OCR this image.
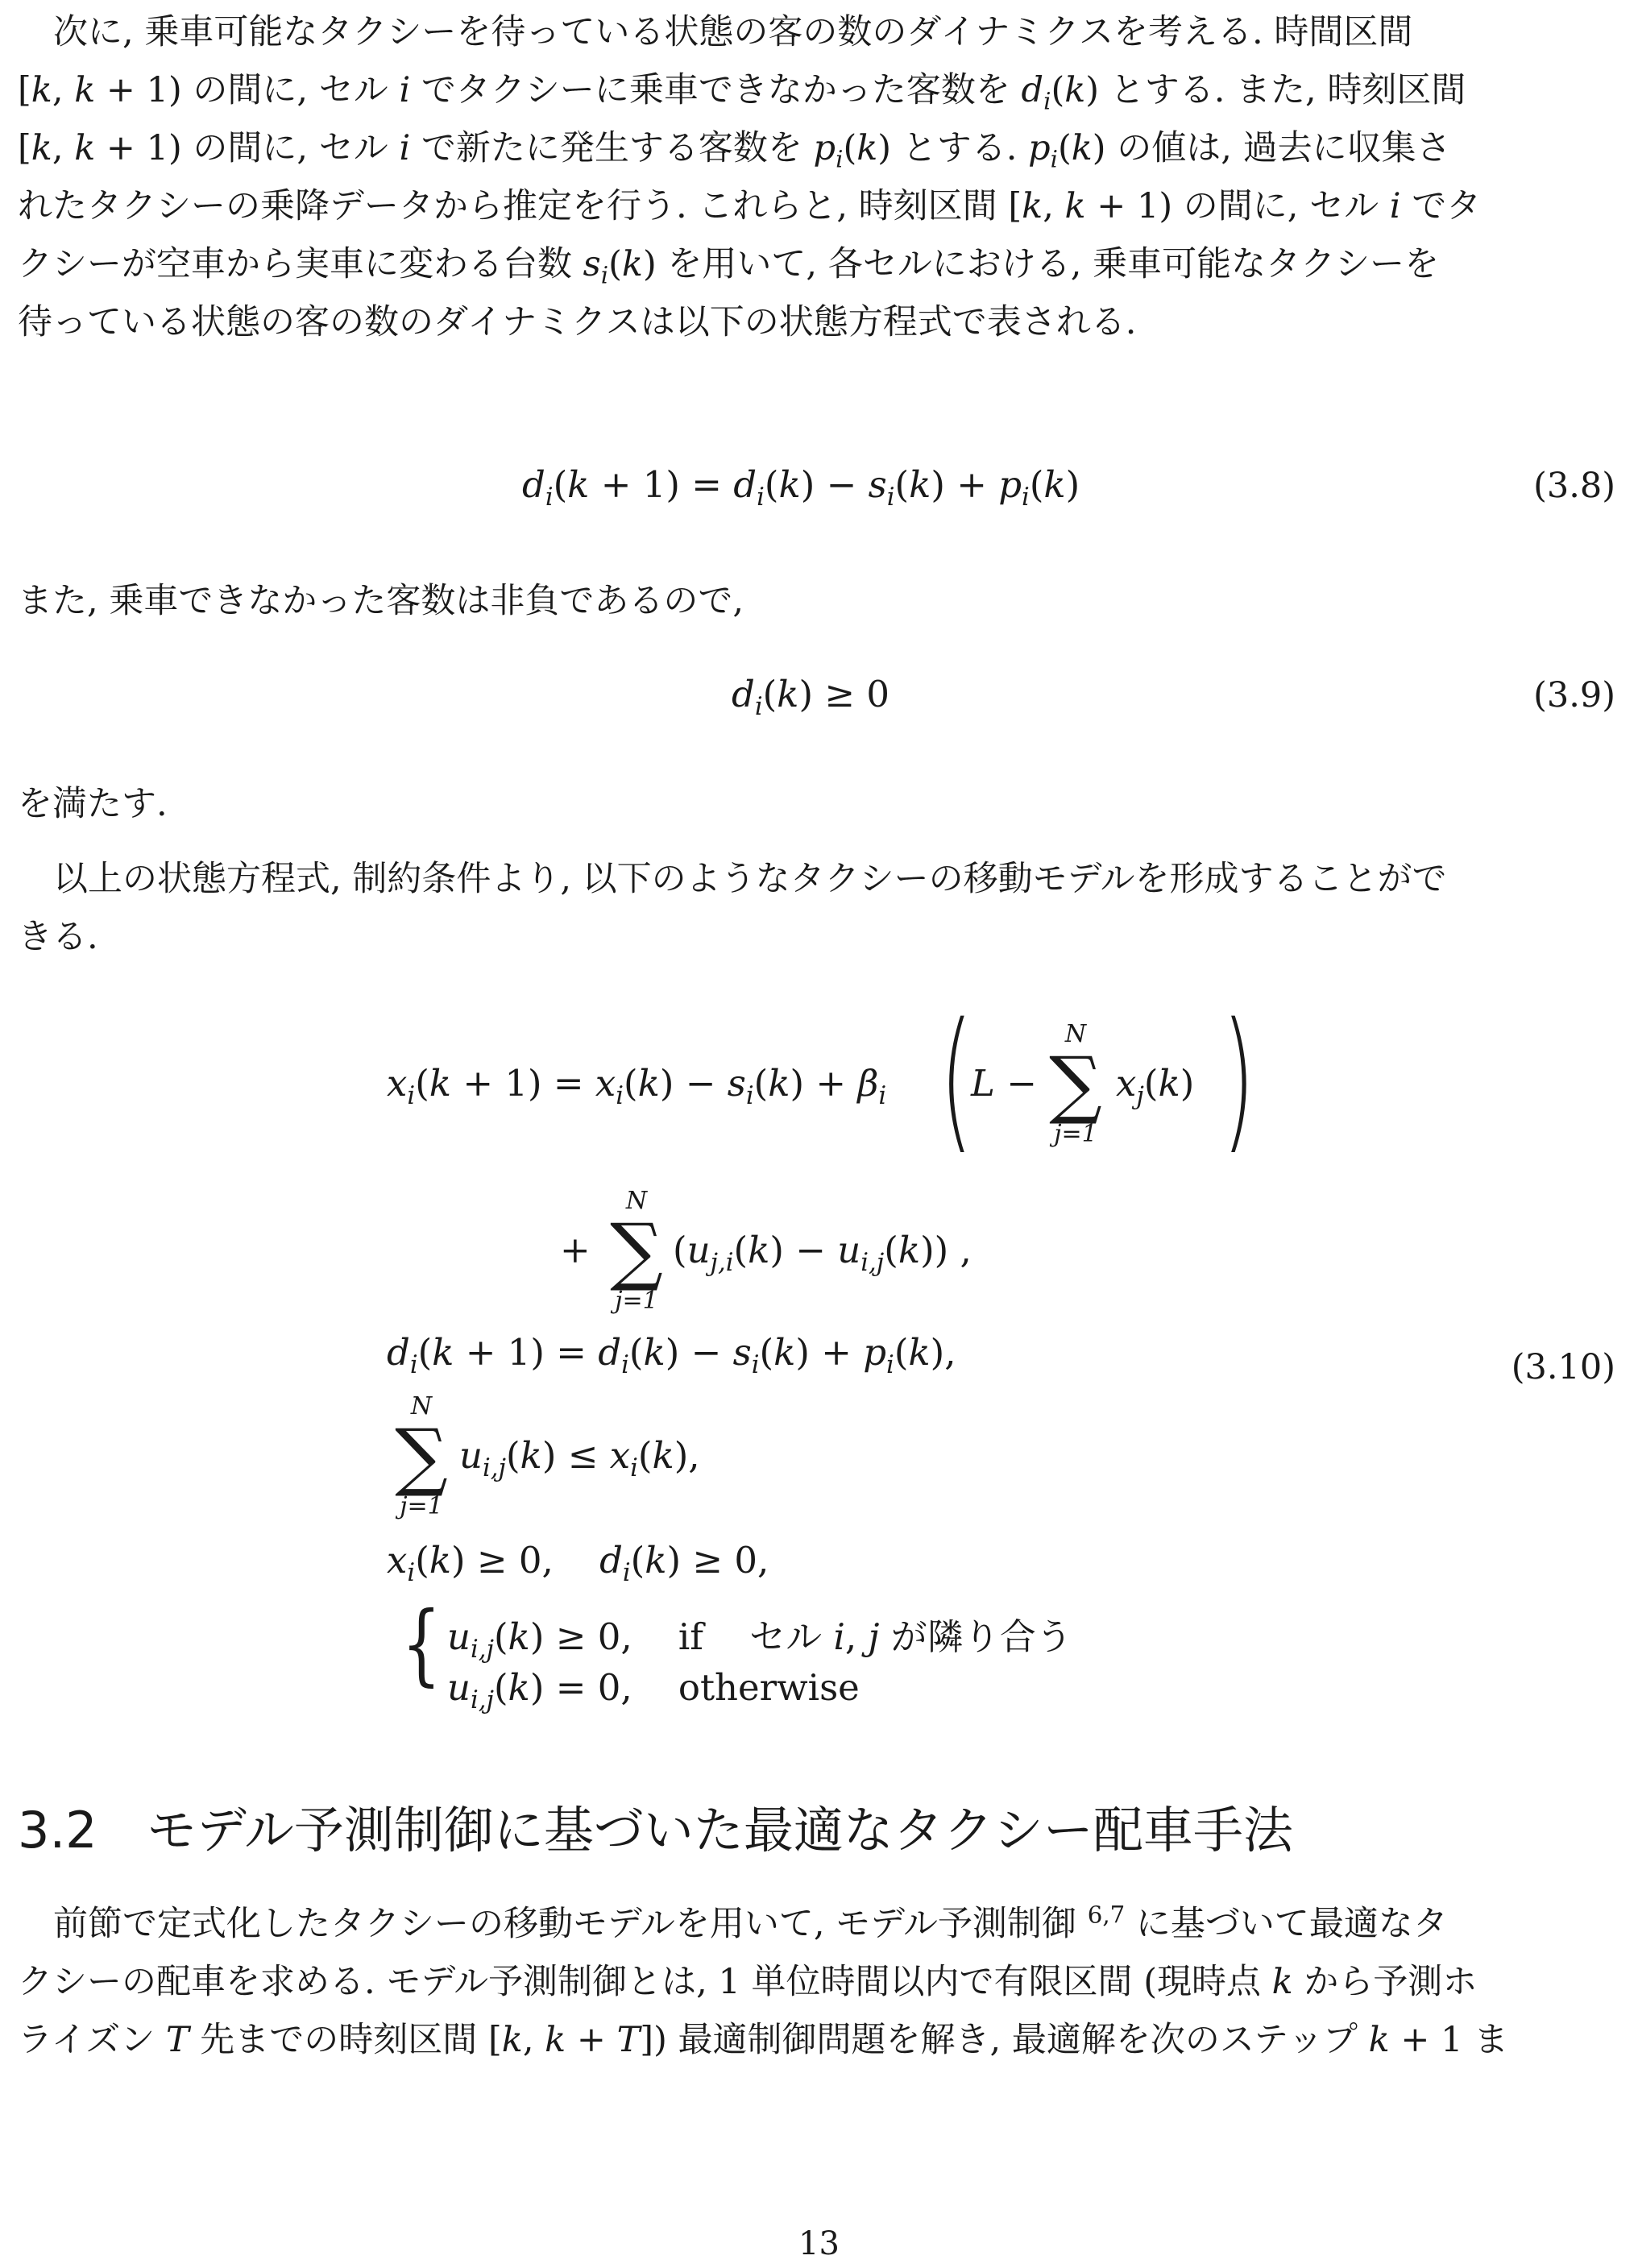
次に, 乗車可能なタクシーを待っている状態の客の数のダイナミクスを考える. 時間区間
[k, k + 1) の間に, セル i でタクシーに乗車できなかった客数を $d_i(k)$ とする. また, 時刻区間
[k, k + 1) の間に, セル i で新たに発生する客数を $p_i(k)$ とする. $p_i(k)$ の値は, 過去に収集さ
れたタクシーの乗降データから推定を行う. これらと, 時刻区間 [k, k + 1) の間に, セル i でタ
クシーが空車から実車に変わる台数 $s_i(k)$ を用いて, 各セルにおける, 乗車可能なタクシーを
待っている状態の客の数のダイナミクスは以下の状態方程式で表される.
$d_i(k + 1) = d_i(k) - s_i(k) + p_i(k)$	(3.8)
また, 乗車できなかった客数は非負であるので,
$d_i(k) \ge 0$	(3.9)
を満たす.
以上の状態方程式, 制約条件より, 以下のようなタクシーの移動モデルを形成することがで
きる.
$x_i(k + 1) = x_i(k) - s_i(k) + \beta_i$ (
L −
N
∑
j=1
$x_j(k)$ )
+
N
∑
j=1
$(u_{j,i}(k) - u_{i,j}(k))$ ,
$d_i(k + 1) = d_i(k) - s_i(k) + p_i(k)$,	(3.10)
N
∑
j=1
$u_{i,j}(k) \le x_i(k)$,
$x_i(k) \ge 0$,    $d_i(k) \ge 0$,
{ $u_{i,j}(k) \ge 0$,    if セル i, j が隣り合う
$u_{i,j}(k) = 0$,    otherwise
3.2 モデル予測制御に基づいた最適なタクシー配車手法
前節で定式化したタクシーの移動モデルを用いて, モデル予測制御 $^{6,7}$ に基づいて最適なタ
クシーの配車を求める. モデル予測制御とは, 1 単位時間以内で有限区間 (現時点 k から予測ホ
ライズン T 先までの時刻区間 [k, k + T]) 最適制御問題を解き, 最適解を次のステップ k + 1 ま
13
